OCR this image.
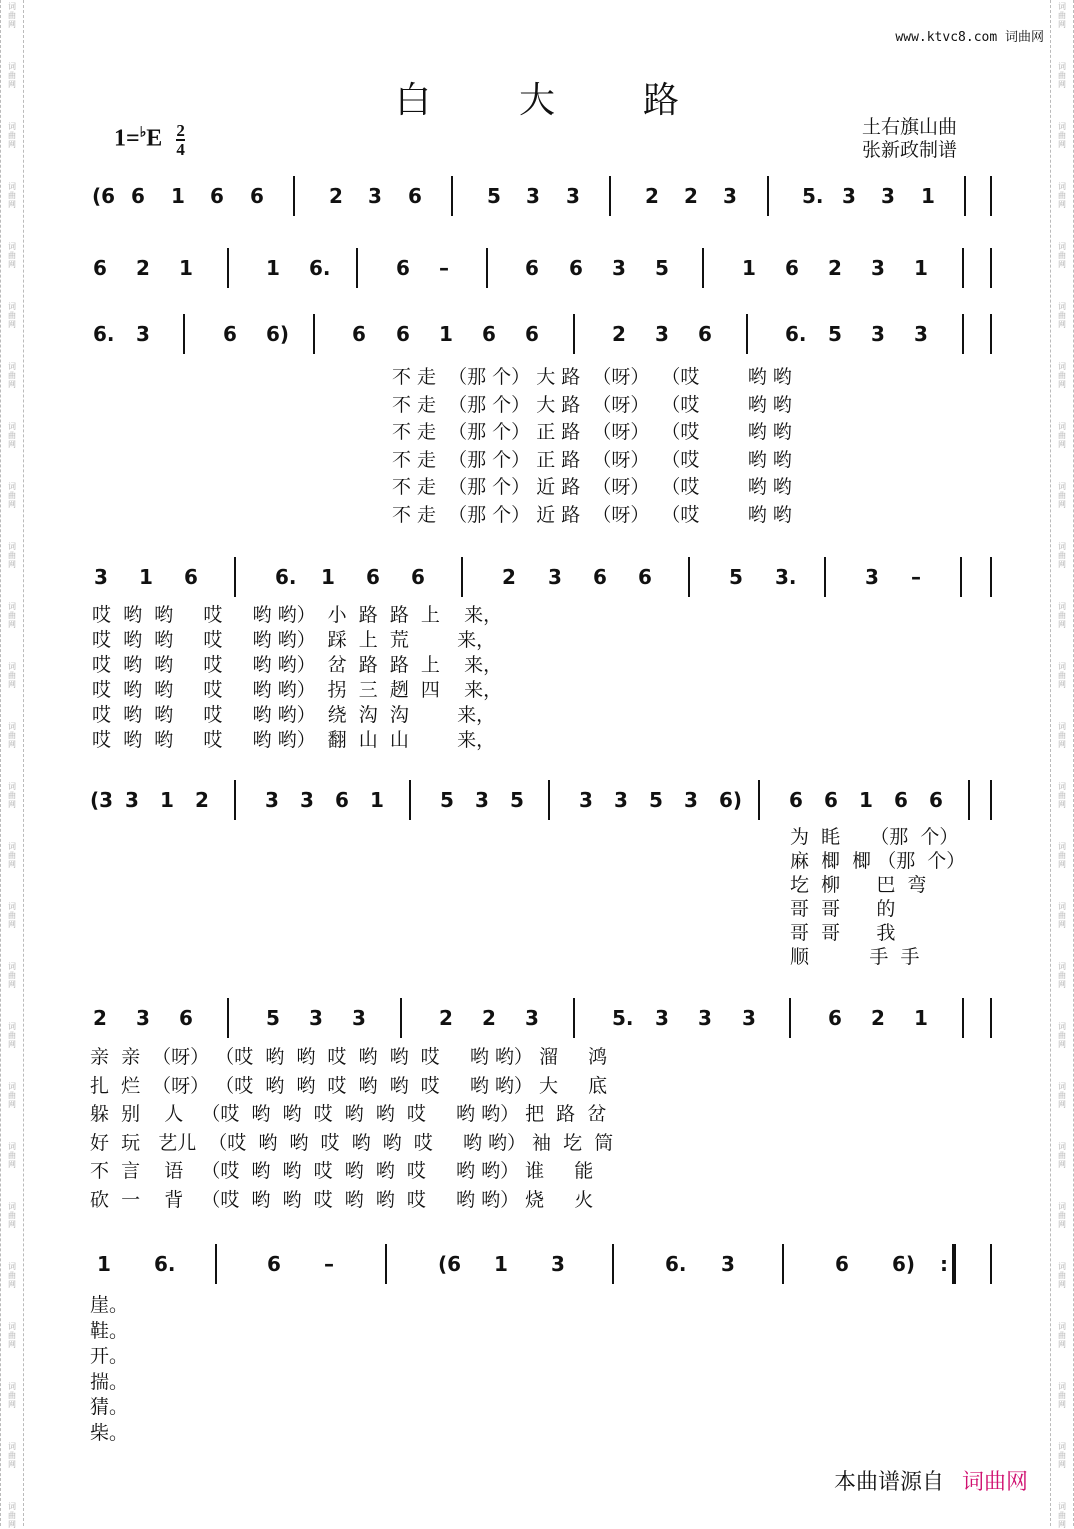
词
曲
网
词
曲
网
词
曲
网
词
曲
网
词
曲
网
词
曲
网
词
曲
网
词
曲
网
词
曲
网
词
曲
网
词
曲
网
词
曲
网
词
曲
网
词
曲
网
词
曲
网
词
曲
网
词
曲
网
词
曲
网
词
曲
网
词
曲
网
词
曲
网
词
曲
网
词
曲
网
词
曲
网
词
曲
网
词
曲
网
词
曲
网
词
曲
网
词
曲
网
词
曲
网
词
曲
网
词
曲
网
词
曲
网
词
曲
网
词
曲
网
词
曲
网
词
曲
网
词
曲
网
词
曲
网
词
曲
网
词
曲
网
词
曲
网
词
曲
网
词
曲
网
词
曲
网
词
曲
网
词
曲
网
词
曲
网
词
曲
网
词
曲
网
词
曲
网
词
曲
网
www.ktvc8.com 词曲网
白大路
$1=^♭E \frac{2}{4}$	土右旗山曲
张新政制谱
(6 6 1 6 6	2 3 6	5 3 3	2 2 3	5. 3 3 1
6 2 1	1 6.	6 –	6 6 3 5	1 6 2 3 1
6. 3	6 6)	6 6 1 6 6	2 3 6	6. 5 3 3
3 1 6	6. 1 6 6	2 3 6 6	5 3.	3 –
(3 3 1 2	3 3 6 1	5 3 5	3 3 5 3 6) 6 6 1 6 6
2 3 6	5 3 3	2 2 3	5. 3 3 3	6 2 1
1 6.	6 –	(6 1 3	6. 3	6 6) :
不 走  （那 个） 大 路  （呀）  （哎        哟 哟
不 走  （那 个） 大 路  （呀）  （哎        哟 哟
不 走  （那 个） 正 路  （呀）  （哎        哟 哟
不 走  （那 个） 正 路  （呀）  （哎        哟 哟
不 走  （那 个） 近 路  （呀）  （哎        哟 哟
不 走  （那 个） 近 路  （呀）  （哎        哟 哟
哎  哟  哟     哎     哟 哟）  小  路  路  上    来，
哎  哟  哟     哎     哟 哟）  踩  上  荒        来，
哎  哟  哟     哎     哟 哟）  岔  路  路  上    来，
哎  哟  哟     哎     哟 哟）  拐  三  趔  四    来，
哎  哟  哟     哎     哟 哟）  绕  沟  沟        来，
哎  哟  哟     哎     哟 哟）  翻  山  山        来，
为  眊     （那  个）
麻  楖  楖 （那  个）
圪  柳      巴  弯
哥  哥      的
哥  哥      我
顺          手  手
亲  亲  （呀） （哎  哟  哟  哎  哟  哟  哎     哟 哟） 溜     鸿
扎  烂  （呀） （哎  哟  哟  哎  哟  哟  哎     哟 哟） 大     底
躲  别    人   （哎  哟  哟  哎  哟  哟  哎     哟 哟） 把  路  岔
好  玩   艺儿  （哎  哟  哟  哎  哟  哟  哎     哟 哟） 袖  圪  筒
不  言    语   （哎  哟  哟  哎  哟  哟  哎     哟 哟） 谁     能
砍  一    背   （哎  哟  哟  哎  哟  哟  哎     哟 哟） 烧     火
崖。
鞋。
开。
揣。
猜。
柴。
本曲谱源自 词曲网
